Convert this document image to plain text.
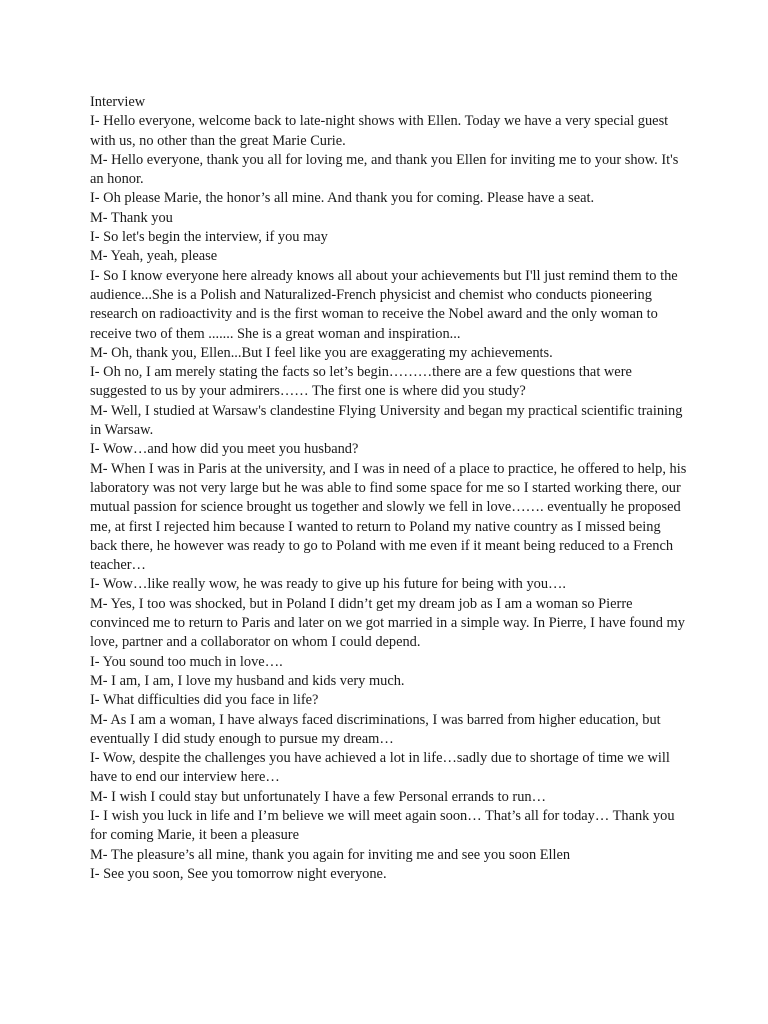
Interview

I- Hello everyone, welcome back to late-night shows with Ellen. Today we have a very special guest with us, no other than the great Marie Curie.

M- Hello everyone, thank you all for loving me, and thank you Ellen for inviting me to your show. It's an honor.

I- Oh please Marie, the honor’s all mine. And thank you for coming. Please have a seat.

M- Thank you

I- So let's begin the interview, if you may

M- Yeah, yeah, please

I- So I know everyone here already knows all about your achievements but I'll just remind them to the audience...She is a Polish and Naturalized-French physicist and chemist who conducts pioneering research on radioactivity and is the first woman to receive the Nobel award and the only woman to receive two of them ....... She is a great woman and inspiration...

M- Oh, thank you, Ellen...But I feel like you are exaggerating my achievements.

I- Oh no, I am merely stating the facts so let’s begin………there are a few questions that were suggested to us by your admirers…… The first one is where did you study?

M- Well, I studied at Warsaw's clandestine Flying University and began my practical scientific training in Warsaw.

I- Wow…and how did you meet you husband?

M- When I was in Paris at the university, and I was in need of a place to practice, he offered to help, his laboratory was not very large but he was able to find some space for me so I started working there, our mutual passion for science brought us together and slowly we fell in love……. eventually he proposed me, at first I rejected him because I wanted to return to Poland my native country as I missed being back there, he however was ready to go to Poland with me even if it meant being reduced to a French teacher…

I- Wow…like really wow, he was ready to give up his future for being with you….

M- Yes, I too was shocked, but in Poland I didn’t get my dream job as I am a woman so Pierre convinced me to return to Paris and later on we got married in a simple way. In Pierre, I have found my love, partner and a collaborator on whom I could depend.

I- You sound too much in love….

M- I am, I am, I love my husband and kids very much.

I- What difficulties did you face in life?

M- As I am a woman, I have always faced discriminations, I was barred from higher education, but eventually I did study enough to pursue my dream…

I- Wow, despite the challenges you have achieved a lot in life…sadly due to shortage of time we will have to end our interview here…

M- I wish I could stay but unfortunately I have a few Personal errands to run…

I- I wish you luck in life and I’m believe we will meet again soon… That’s all for today… Thank you for coming Marie, it been a pleasure

M- The pleasure’s all mine, thank you again for inviting me and see you soon Ellen

I- See you soon, See you tomorrow night everyone.
